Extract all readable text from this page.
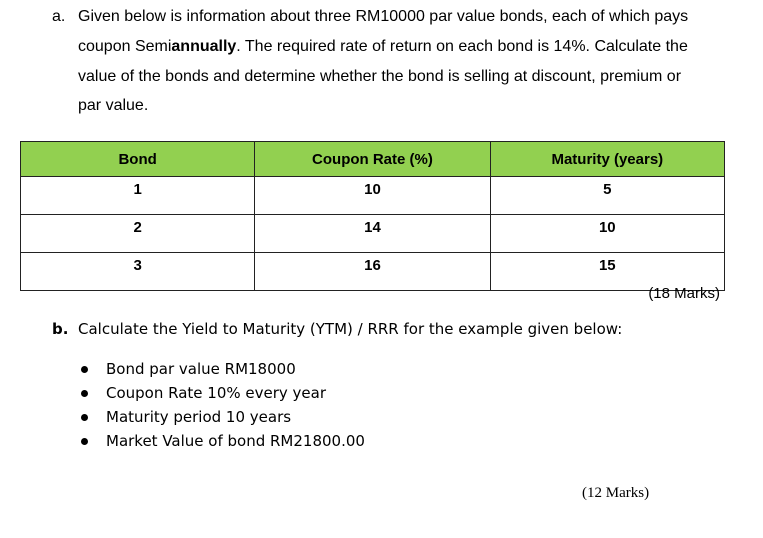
a. Given below is information about three RM10000 par value bonds, each of which pays
coupon Semiannually. The required rate of return on each bond is 14%. Calculate the
value of the bonds and determine whether the bond is selling at discount, premium or
par value.
Bond	Coupon Rate (%)	Maturity (years)
1	10	5
2	14	10
3	16	15
(18 Marks)
b. Calculate the Yield to Maturity (YTM) / RRR for the example given below:
Bond par value RM18000
Coupon Rate 10% every year
Maturity period 10 years
Market Value of bond RM21800.00
(12 Marks)
